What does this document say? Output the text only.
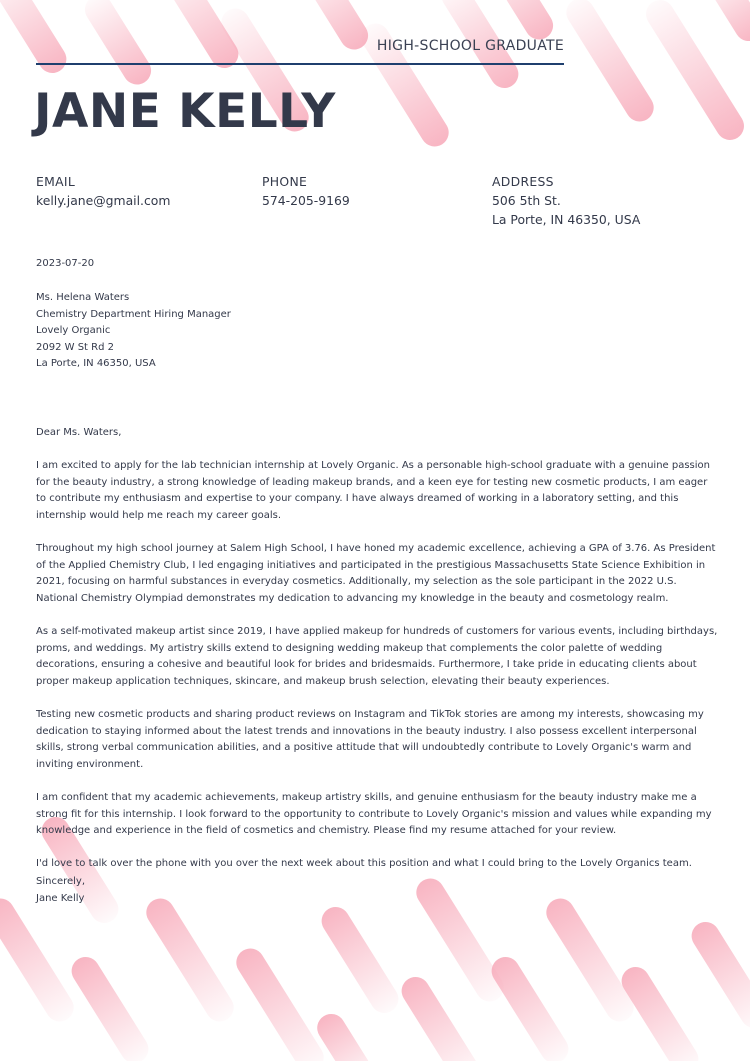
HIGH-SCHOOL GRADUATE
JANE KELLY
EMAIL
kelly.jane@gmail.com
PHONE
574-205-9169
ADDRESS
506 5th St.
La Porte, IN 46350, USA
2023-07-20
Ms. Helena Waters
Chemistry Department Hiring Manager
Lovely Organic
2092 W St Rd 2
La Porte, IN 46350, USA

Dear Ms. Waters,

I am excited to apply for the lab technician internship at Lovely Organic. As a personable high-school graduate with a genuine passion for the beauty industry, a strong knowledge of leading makeup brands, and a keen eye for testing new cosmetic products, I am eager to contribute my enthusiasm and expertise to your company. I have always dreamed of working in a laboratory setting, and this internship would help me reach my career goals.

Throughout my high school journey at Salem High School, I have honed my academic excellence, achieving a GPA of 3.76. As President of the Applied Chemistry Club, I led engaging initiatives and participated in the prestigious Massachusetts State Science Exhibition in 2021, focusing on harmful substances in everyday cosmetics. Additionally, my selection as the sole participant in the 2022 U.S. National Chemistry Olympiad demonstrates my dedication to advancing my knowledge in the beauty and cosmetology realm.

As a self-motivated makeup artist since 2019, I have applied makeup for hundreds of customers for various events, including birthdays, proms, and weddings. My artistry skills extend to designing wedding makeup that complements the color palette of wedding decorations, ensuring a cohesive and beautiful look for brides and bridesmaids. Furthermore, I take pride in educating clients about proper makeup application techniques, skincare, and makeup brush selection, elevating their beauty experiences.

Testing new cosmetic products and sharing product reviews on Instagram and TikTok stories are among my interests, showcasing my dedication to staying informed about the latest trends and innovations in the beauty industry. I also possess excellent interpersonal skills, strong verbal communication abilities, and a positive attitude that will undoubtedly contribute to Lovely Organic's warm and inviting environment.

I am confident that my academic achievements, makeup artistry skills, and genuine enthusiasm for the beauty industry make me a strong fit for this internship. I look forward to the opportunity to contribute to Lovely Organic's mission and values while expanding my knowledge and experience in the field of cosmetics and chemistry. Please find my resume attached for your review.

I'd love to talk over the phone with you over the next week about this position and what I could bring to the Lovely Organics team.

Sincerely,
Jane Kelly
